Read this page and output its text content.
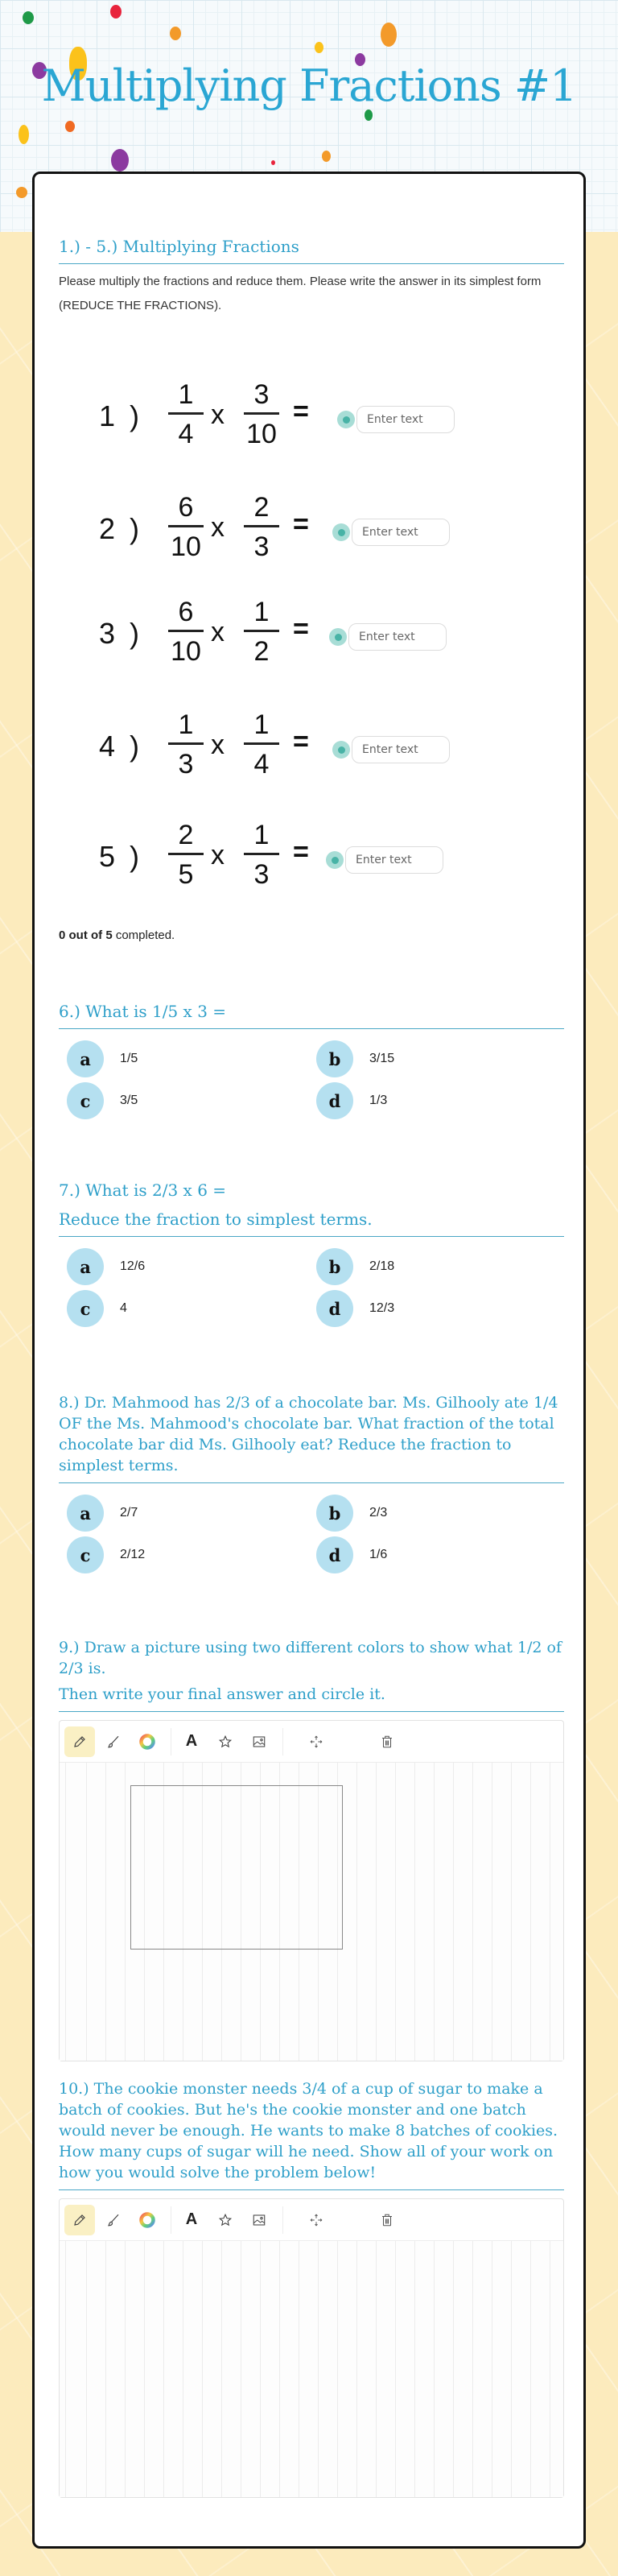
Multiplying Fractions #1
1.) - 5.) Multiplying Fractions

Please multiply the fractions and reduce them. Please write the answer in its simplest form

(REDUCE THE FRACTIONS).

1 )
1
4
x
3
10
=
Enter text
2 )
6
10
x
2
3
=
Enter text
3 )
6
10
x
1
2
=
Enter text
4 )
1
3
x
1
4
=
Enter text
5 )
2
5
x
1
3
=
Enter text
0 out of 5 completed.
6.) What is 1/5 x 3 =
a	1/5	b	3/15
c	3/5	d	1/3
7.) What is 2/3 x 6 =
Reduce the fraction to simplest terms.
a	12/6	b	2/18
c	4	d	12/3
8.) Dr. Mahmood has 2/3 of a chocolate bar. Ms. Gilhooly ate 1/4 OF the Ms. Mahmood's chocolate bar. What fraction of the total chocolate bar did Ms. Gilhooly eat? Reduce the fraction to simplest terms.
a	2/7	b	2/3
c	2/12	d	1/6
9.) Draw a picture using two different colors to show what 1/2 of 2/3 is.
Then write your final answer and circle it.
A
10.) The cookie monster needs 3/4 of a cup of sugar to make a batch of cookies. But he's the cookie monster and one batch would never be enough. He wants to make 8 batches of cookies. How many cups of sugar will he need. Show all of your work on how you would solve the problem below!
A
